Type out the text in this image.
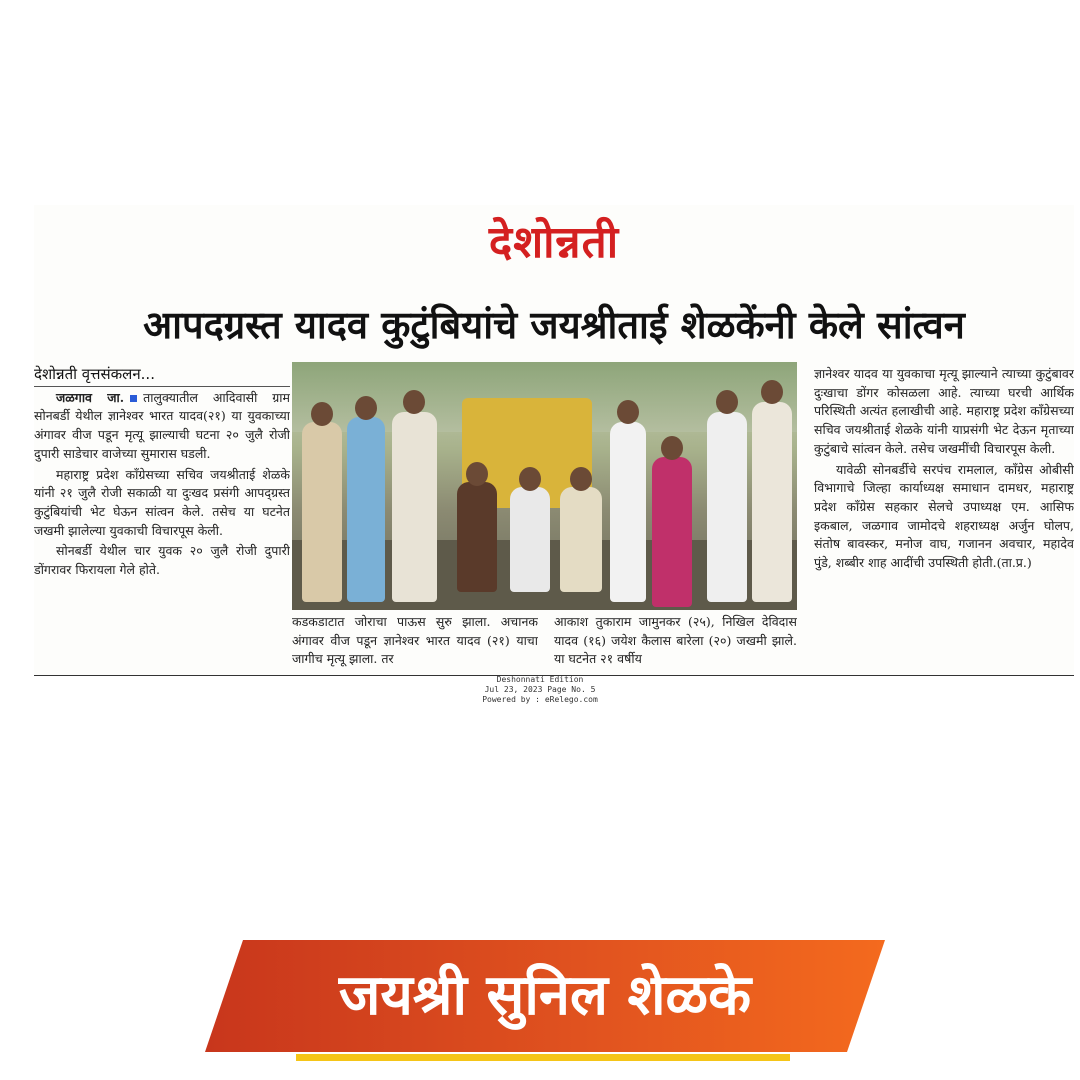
देशोन्नती
आपदग्रस्त यादव कुटुंबियांचे जयश्रीताई शेळकेंनी केले सांत्वन

देशोन्नती वृत्तसंकलन...

जळगाव जा. तालुक्यातील आदिवासी ग्राम सोनबर्डी येथील ज्ञानेश्वर भारत यादव(२१) या युवकाच्या अंगावर वीज पडून मृत्यू झाल्याची घटना २० जुलै रोजी दुपारी साडेचार वाजेच्या सुमारास घडली.

महाराष्ट्र प्रदेश काँग्रेसच्या सचिव जयश्रीताई शेळके यांनी २१ जुलै रोजी सकाळी या दुःखद प्रसंगी आपद्ग्रस्त कुटुंबियांची भेट घेऊन सांत्वन केले. तसेच या घटनेत जखमी झालेल्या युवकाची विचारपूस केली.

सोनबर्डी येथील चार युवक २० जुलै रोजी दुपारी डोंगरावर फिरायला गेले होते.

कडकडाटात जोराचा पाऊस सुरु झाला. अचानक अंगावर वीज पडून ज्ञानेश्वर भारत यादव (२१) याचा जागीच मृत्यू झाला. तर

आकाश तुकाराम जामुनकर (२५), निखिल देविदास यादव (१६) जयेश कैलास बारेला (२०) जखमी झाले. या घटनेत २१ वर्षीय

ज्ञानेश्वर यादव या युवकाचा मृत्यू झाल्याने त्याच्या कुटुंबावर दुःखाचा डोंगर कोसळला आहे. त्याच्या घरची आर्थिक परिस्थिती अत्यंत हलाखीची आहे. महाराष्ट्र प्रदेश काँग्रेसच्या सचिव जयश्रीताई शेळके यांनी याप्रसंगी भेट देऊन मृताच्या कुटुंबाचे सांत्वन केले. तसेच जखमींची विचारपूस केली.

यावेळी सोनबर्डीचे सरपंच रामलाल, काँग्रेस ओबीसी विभागाचे जिल्हा कार्याध्यक्ष समाधान दामधर, महाराष्ट्र प्रदेश काँग्रेस सहकार सेलचे उपाध्यक्ष एम. आसिफ इकबाल, जळगाव जामोदचे शहराध्यक्ष अर्जुन घोलप, संतोष बावस्कर, मनोज वाघ, गजानन अवचार, महादेव पुंडे, शब्बीर शाह आदींची उपस्थिती होती.(ता.प्र.)

Deshonnati Edition
Jul 23, 2023 Page No. 5
Powered by : eRelego.com
जयश्री सुनिल शेळके
